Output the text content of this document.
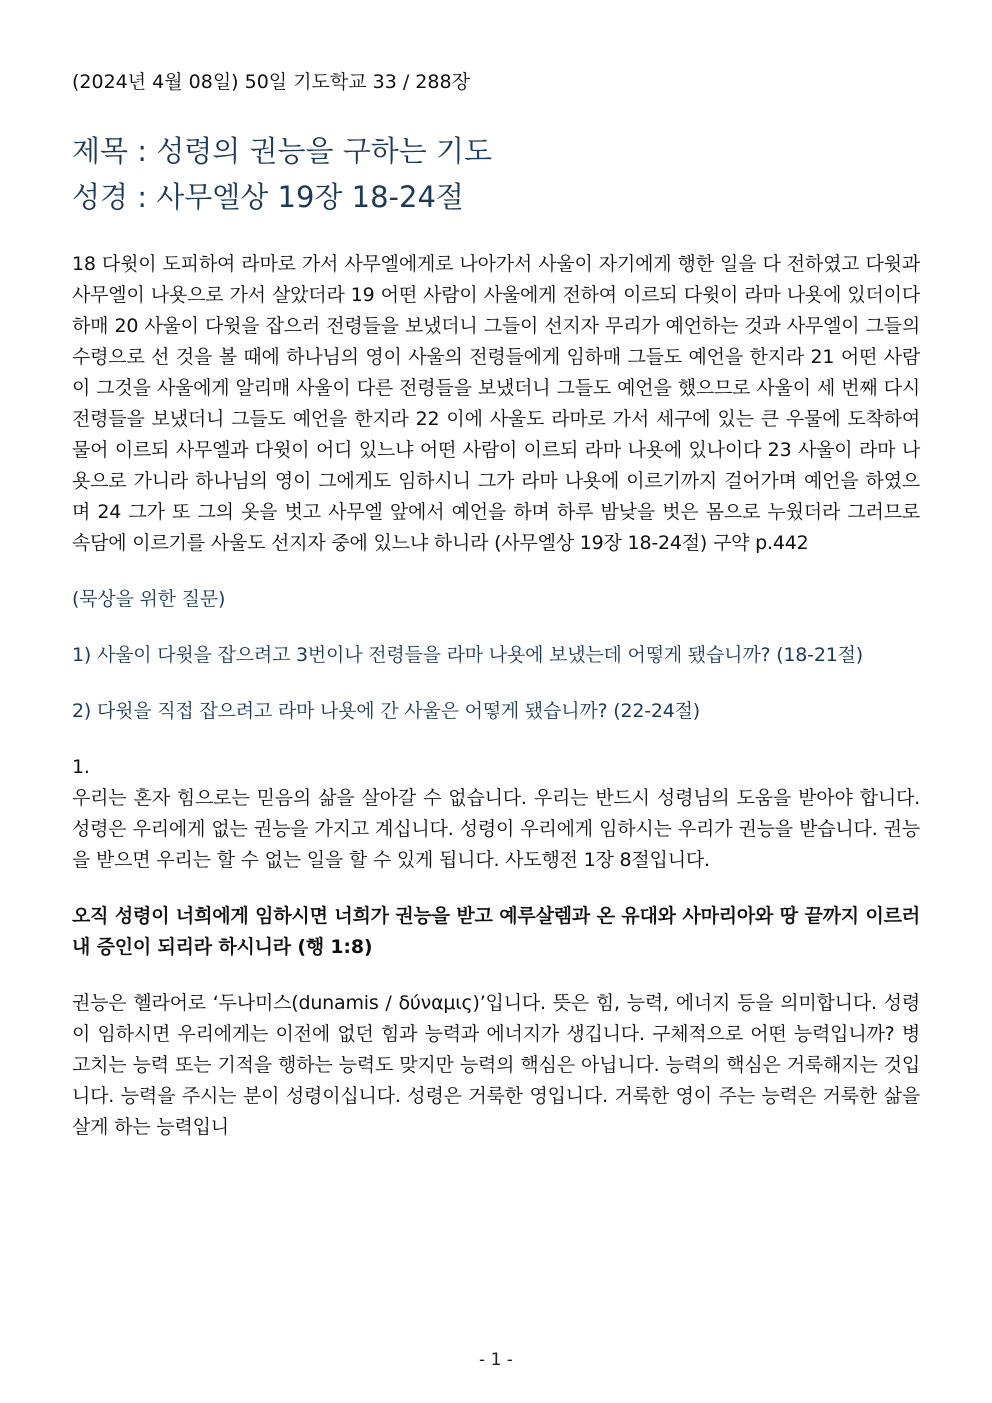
(2024년 4월 08일) 50일 기도학교 33 / 288장
제목 : 성령의 권능을 구하는 기도
성경 : 사무엘상 19장 18-24절

18 다윗이 도피하여 라마로 가서 사무엘에게로 나아가서 사울이 자기에게 행한 일을 다 전하였고 다윗과 사무엘이 나욧으로 가서 살았더라 19 어떤 사람이 사울에게 전하여 이르되 다윗이 라마 나욧에 있더이다 하매 20 사울이 다윗을 잡으러 전령들을 보냈더니 그들이 선지자 무리가 예언하는 것과 사무엘이 그들의 수령으로 선 것을 볼 때에 하나님의 영이 사울의 전령들에게 임하매 그들도 예언을 한지라 21 어떤 사람이 그것을 사울에게 알리매 사울이 다른 전령들을 보냈더니 그들도 예언을 했으므로 사울이 세 번째 다시 전령들을 보냈더니 그들도 예언을 한지라 22 이에 사울도 라마로 가서 세구에 있는 큰 우물에 도착하여 물어 이르되 사무엘과 다윗이 어디 있느냐 어떤 사람이 이르되 라마 나욧에 있나이다 23 사울이 라마 나욧으로 가니라 하나님의 영이 그에게도 임하시니 그가 라마 나욧에 이르기까지 걸어가며 예언을 하였으며 24 그가 또 그의 옷을 벗고 사무엘 앞에서 예언을 하며 하루 밤낮을 벗은 몸으로 누웠더라 그러므로 속담에 이르기를 사울도 선지자 중에 있느냐 하니라 (사무엘상 19장 18-24절) 구약 p.442

(묵상을 위한 질문)

1) 사울이 다윗을 잡으려고 3번이나 전령들을 라마 나욧에 보냈는데 어떻게 됐습니까? (18-21절)

2) 다윗을 직접 잡으려고 라마 나욧에 간 사울은 어떻게 됐습니까? (22-24절)

1.

우리는 혼자 힘으로는 믿음의 삶을 살아갈 수 없습니다. 우리는 반드시 성령님의 도움을 받아야 합니다. 성령은 우리에게 없는 권능을 가지고 계십니다. 성령이 우리에게 임하시는 우리가 권능을 받습니다. 권능을 받으면 우리는 할 수 없는 일을 할 수 있게 됩니다. 사도행전 1장 8절입니다.

오직 성령이 너희에게 임하시면 너희가 권능을 받고 예루살렘과 온 유대와 사마리아와 땅 끝까지 이르러 내 증인이 되리라 하시니라 (행 1:8)

권능은 헬라어로 ‘두나미스(dunamis / δύναμις)’입니다. 뜻은 힘, 능력, 에너지 등을 의미합니다. 성령이 임하시면 우리에게는 이전에 없던 힘과 능력과 에너지가 생깁니다. 구체적으로 어떤 능력입니까? 병 고치는 능력 또는 기적을 행하는 능력도 맞지만 능력의 핵심은 아닙니다. 능력의 핵심은 거룩해지는 것입니다. 능력을 주시는 분이 성령이십니다. 성령은 거룩한 영입니다. 거룩한 영이 주는 능력은 거룩한 삶을 살게 하는 능력입니

- 1 -
